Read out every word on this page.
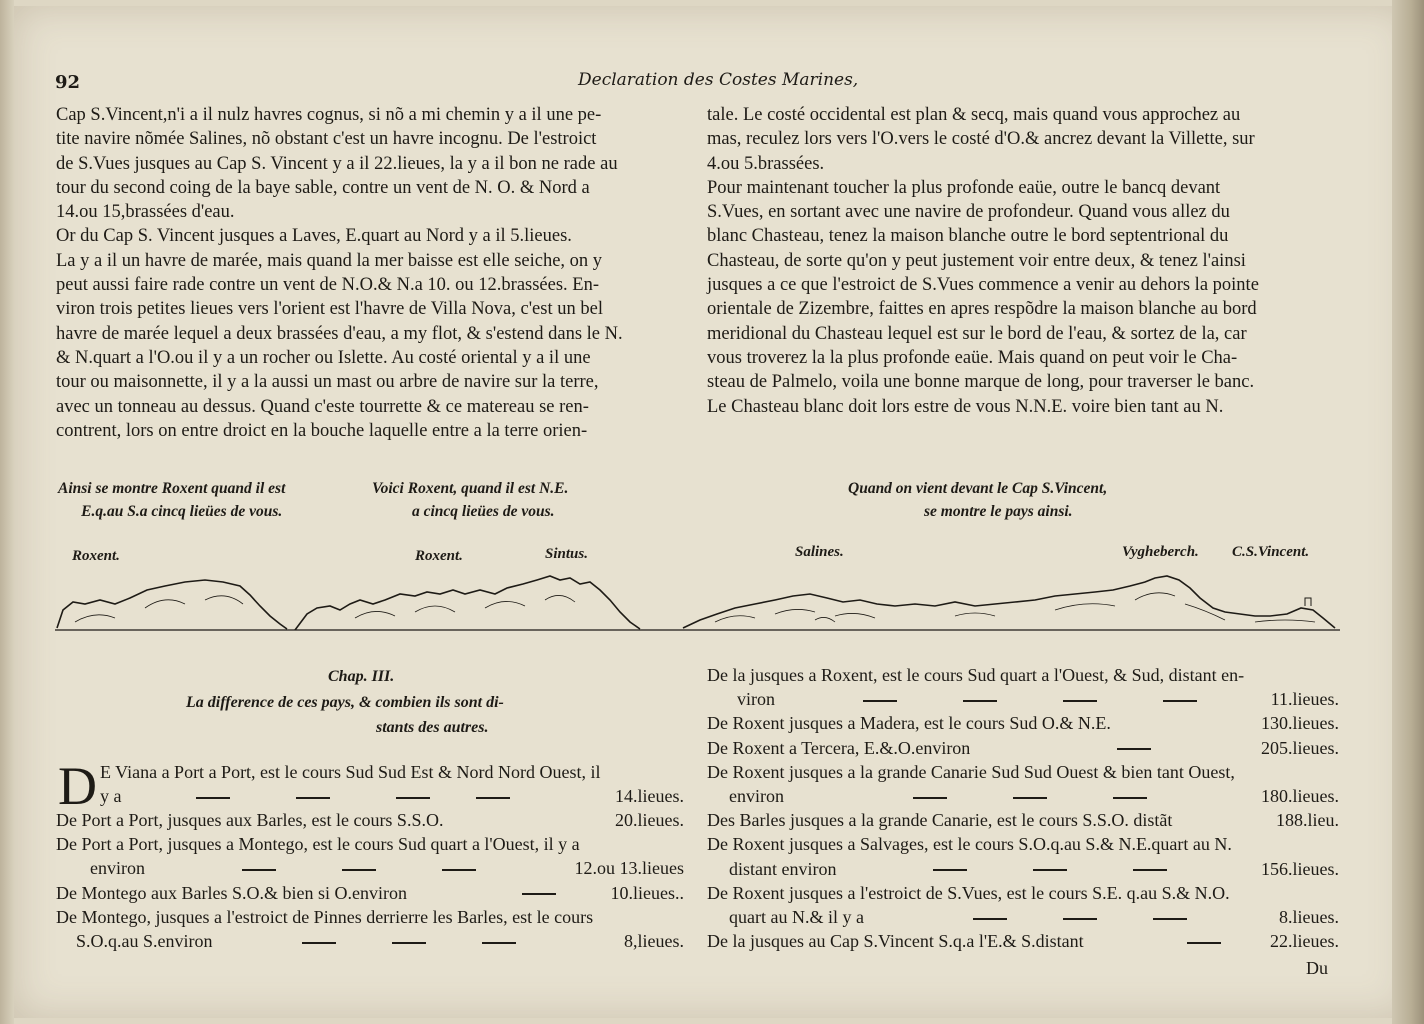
92	Declaration des Costes Marines,
Cap S.Vincent,n'i a il nulz havres cognus, si nõ a mi chemin y a il une pe-
tite navire nõmée Salines, nõ obstant c'est un havre incognu. De l'estroict
de S.Vues jusques au Cap S. Vincent y a il 22.lieues, la y a il bon ne rade au
tour du second coing de la baye sable, contre un vent de N. O. & Nord a
14.ou 15,brassées d'eau.
Or du Cap S. Vincent jusques a Laves, E.quart au Nord y a il 5.lieues.
La y a il un havre de marée, mais quand la mer baisse est elle seiche, on y
peut aussi faire rade contre un vent de N.O.& N.a 10. ou 12.brassées. En-
viron trois petites lieues vers l'orient est l'havre de Villa Nova, c'est un bel
havre de marée lequel a deux brassées d'eau, a my flot, & s'estend dans le N.
& N.quart a l'O.ou il y a un rocher ou Islette. Au costé oriental y a il une
tour ou maisonnette, il y a la aussi un mast ou arbre de navire sur la terre,
avec un tonneau au dessus. Quand c'este tourrette & ce matereau se ren-
contrent, lors on entre droict en la bouche laquelle entre a la terre orien-
tale. Le costé occidental est plan & secq, mais quand vous approchez au
mas, reculez lors vers l'O.vers le costé d'O.& ancrez devant la Villette, sur
4.ou 5.brassées.
Pour maintenant toucher la plus profonde eaüe, outre le bancq devant
S.Vues, en sortant avec une navire de profondeur. Quand vous allez du
blanc Chasteau, tenez la maison blanche outre le bord septentrional du
Chasteau, de sorte qu'on y peut justement voir entre deux, & tenez l'ainsi
jusques a ce que l'estroict de S.Vues commence a venir au dehors la pointe
orientale de Zizembre, faittes en apres respõdre la maison blanche au bord
meridional du Chasteau lequel est sur le bord de l'eau, & sortez de la, car
vous troverez la la plus profonde eaüe. Mais quand on peut voir le Cha-
steau de Palmelo, voila une bonne marque de long, pour traverser le banc.
Le Chasteau blanc doit lors estre de vous N.N.E. voire bien tant au N.
Ainsi se montre Roxent quand il est
E.q.au S.a cincq lieües de vous.
Voici Roxent, quand il est N.E.
a cincq lieües de vous.
Quand on vient devant le Cap S.Vincent,
se montre le pays ainsi.
Roxent.	Roxent.	Sintus.	Salines.	Vygheberch. C.S.Vincent.
Chap. III.
La difference de ces pays, & combien ils sont di-
stants des autres.
D E Viana a Port a Port, est le cours Sud Sud Est & Nord Nord Ouest, il
y a	14.lieues.
De Port a Port, jusques aux Barles, est le cours S.S.O.	20.lieues.
De Port a Port, jusques a Montego, est le cours Sud quart a l'Ouest, il y a
environ	12.ou 13.lieues
De Montego aux Barles S.O.& bien si O.environ	10.lieues..
De Montego, jusques a l'estroict de Pinnes derrierre les Barles, est le cours
S.O.q.au S.environ	8,lieues.
De la jusques a Roxent, est le cours Sud quart a l'Ouest, & Sud, distant en-
viron	11.lieues.
De Roxent jusques a Madera, est le cours Sud O.& N.E.	130.lieues.
De Roxent a Tercera, E.&.O.environ	205.lieues.
De Roxent jusques a la grande Canarie Sud Sud Ouest & bien tant Ouest,
environ	180.lieues.
Des Barles jusques a la grande Canarie, est le cours S.S.O. distãt	188.lieu.
De Roxent jusques a Salvages, est le cours S.O.q.au S.& N.E.quart au N.
distant environ	156.lieues.
De Roxent jusques a l'estroict de S.Vues, est le cours S.E. q.au S.& N.O.
quart au N.& il y a	8.lieues.
De la jusques au Cap S.Vincent S.q.a l'E.& S.distant	22.lieues.
Du
